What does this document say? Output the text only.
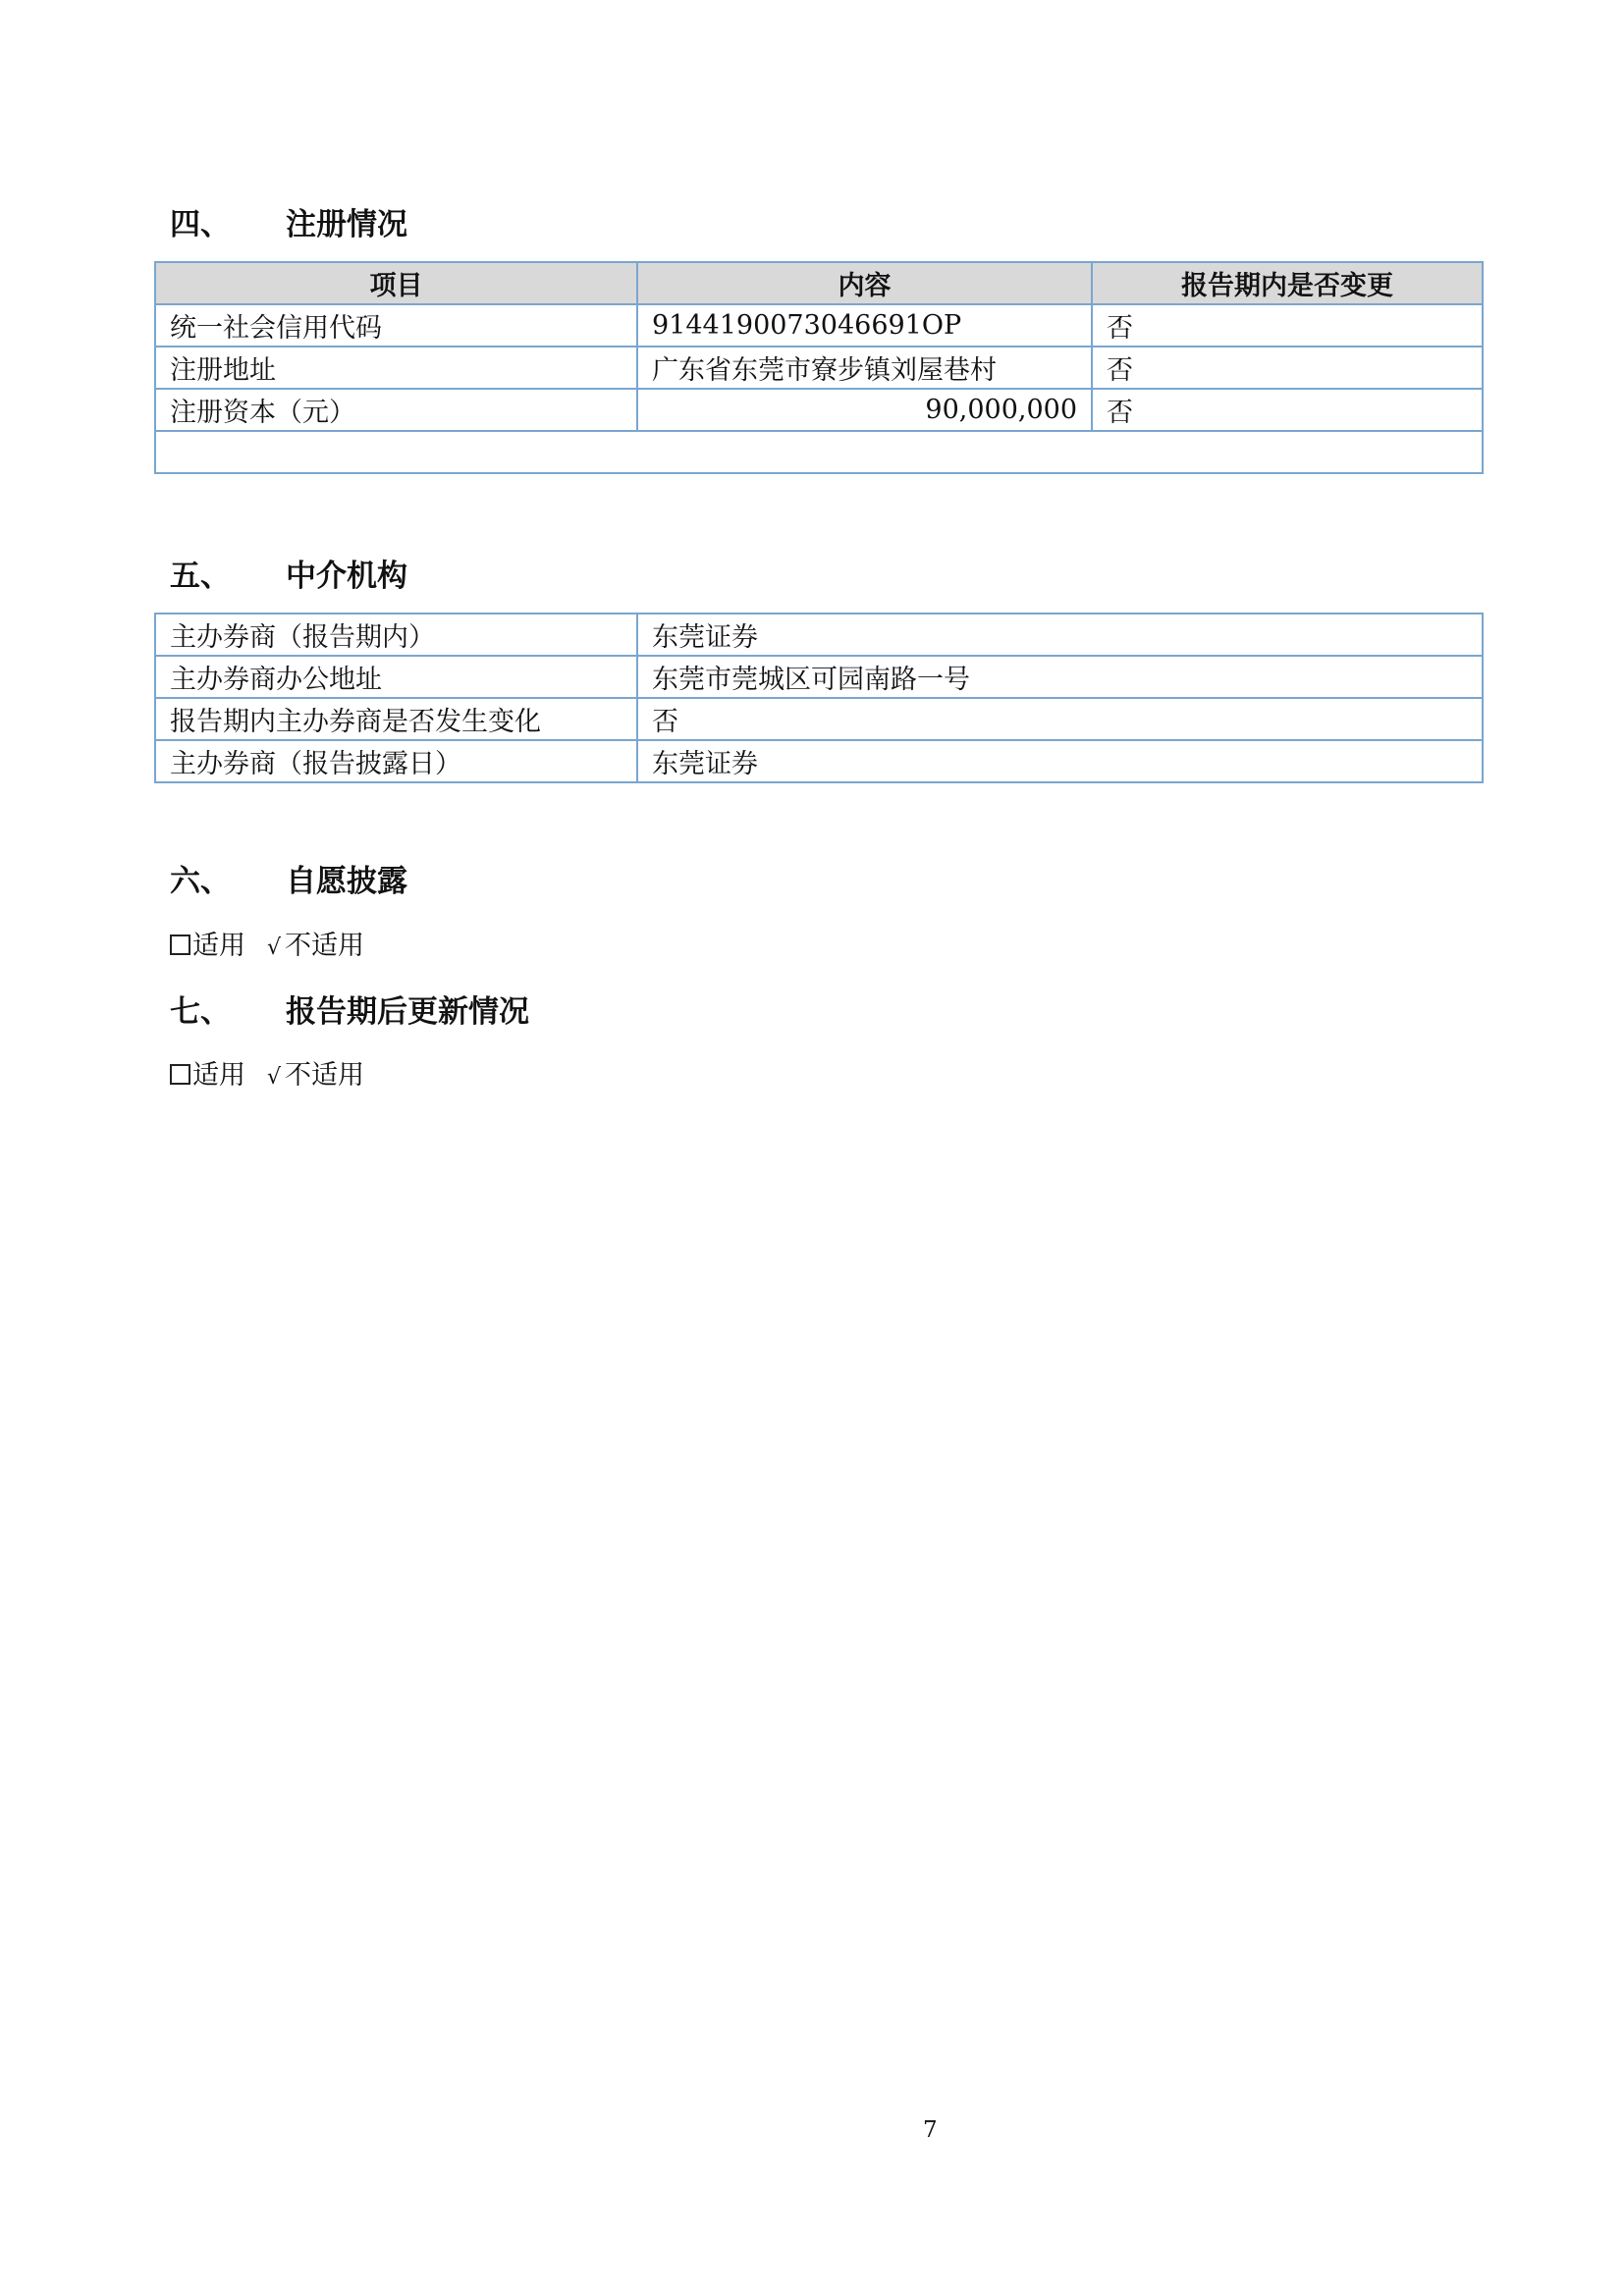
四、 注册情况
项目	内容	报告期内是否变更
统一社会信用代码	9144190073046691OP	否
注册地址	广东省东莞市寮步镇刘屋巷村	否
注册资本（元）	90,000,000	否

五、 中介机构
主办券商（报告期内）	东莞证券
主办券商办公地址	东莞市莞城区可园南路一号
报告期内主办券商是否发生变化	否
主办券商（报告披露日）	东莞证券
六、 自愿披露
适用 √ 不适用
七、 报告期后更新情况
适用 √ 不适用
7
